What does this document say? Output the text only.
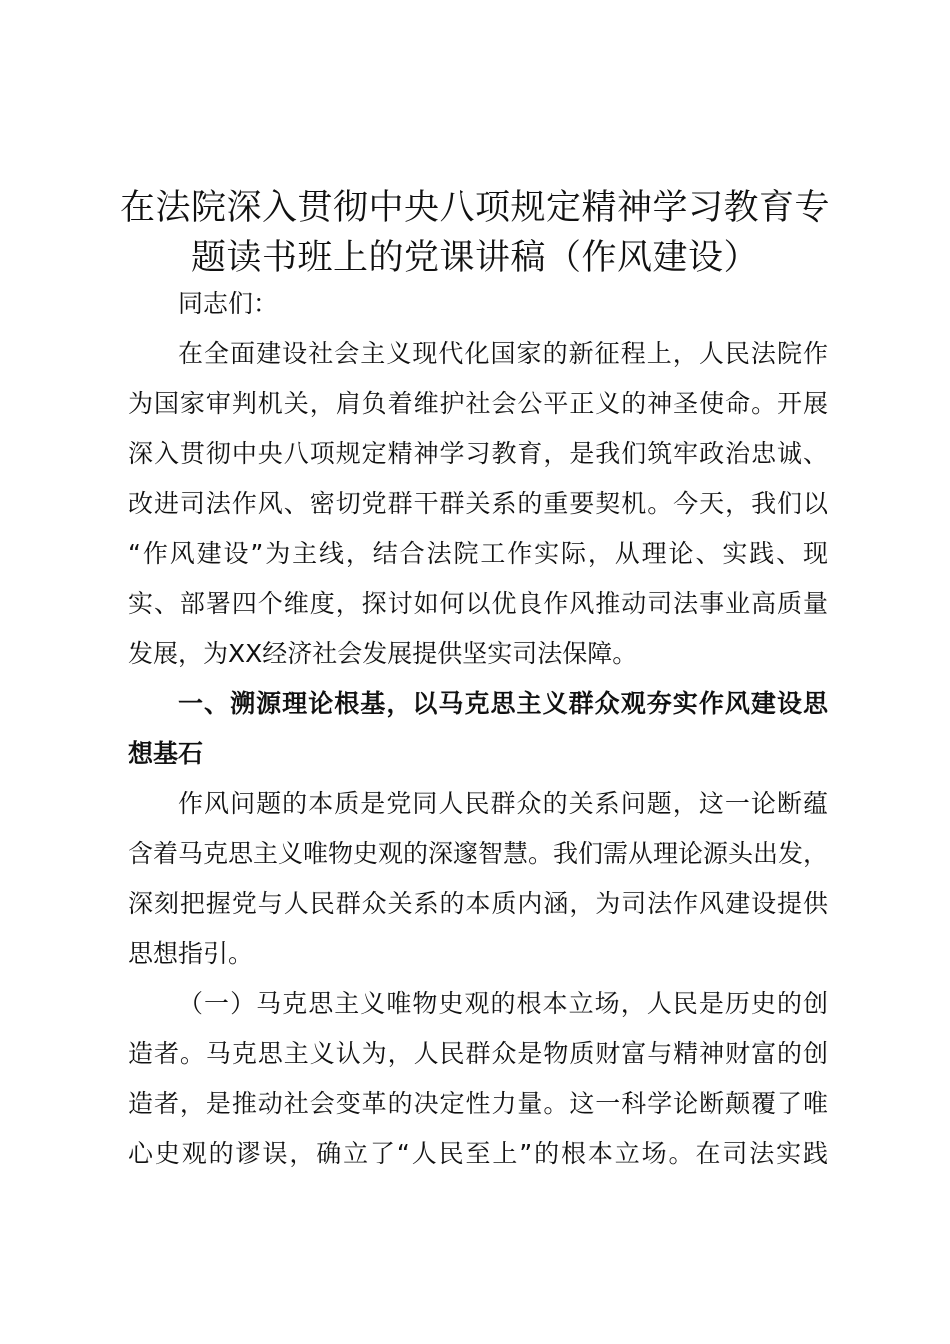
在法院深入贯彻中央八项规定精神学习教育专
题读书班上的党课讲稿（作风建设）
同志们：
在全面建设社会主义现代化国家的新征程上，人民法院作
为国家审判机关，肩负着维护社会公平正义的神圣使命。开展
深入贯彻中央八项规定精神学习教育，是我们筑牢政治忠诚、
改进司法作风、密切党群干群关系的重要契机。今天，我们以
“作风建设”为主线，结合法院工作实际，从理论、实践、现
实、部署四个维度，探讨如何以优良作风推动司法事业高质量
发展，为XX经济社会发展提供坚实司法保障。
一、溯源理论根基，以马克思主义群众观夯实作风建设思
想基石
作风问题的本质是党同人民群众的关系问题，这一论断蕴
含着马克思主义唯物史观的深邃智慧。我们需从理论源头出发，
深刻把握党与人民群众关系的本质内涵，为司法作风建设提供
思想指引。
（一）马克思主义唯物史观的根本立场，人民是历史的创
造者。马克思主义认为，人民群众是物质财富与精神财富的创
造者，是推动社会变革的决定性力量。这一科学论断颠覆了唯
心史观的谬误，确立了“人民至上”的根本立场。在司法实践
